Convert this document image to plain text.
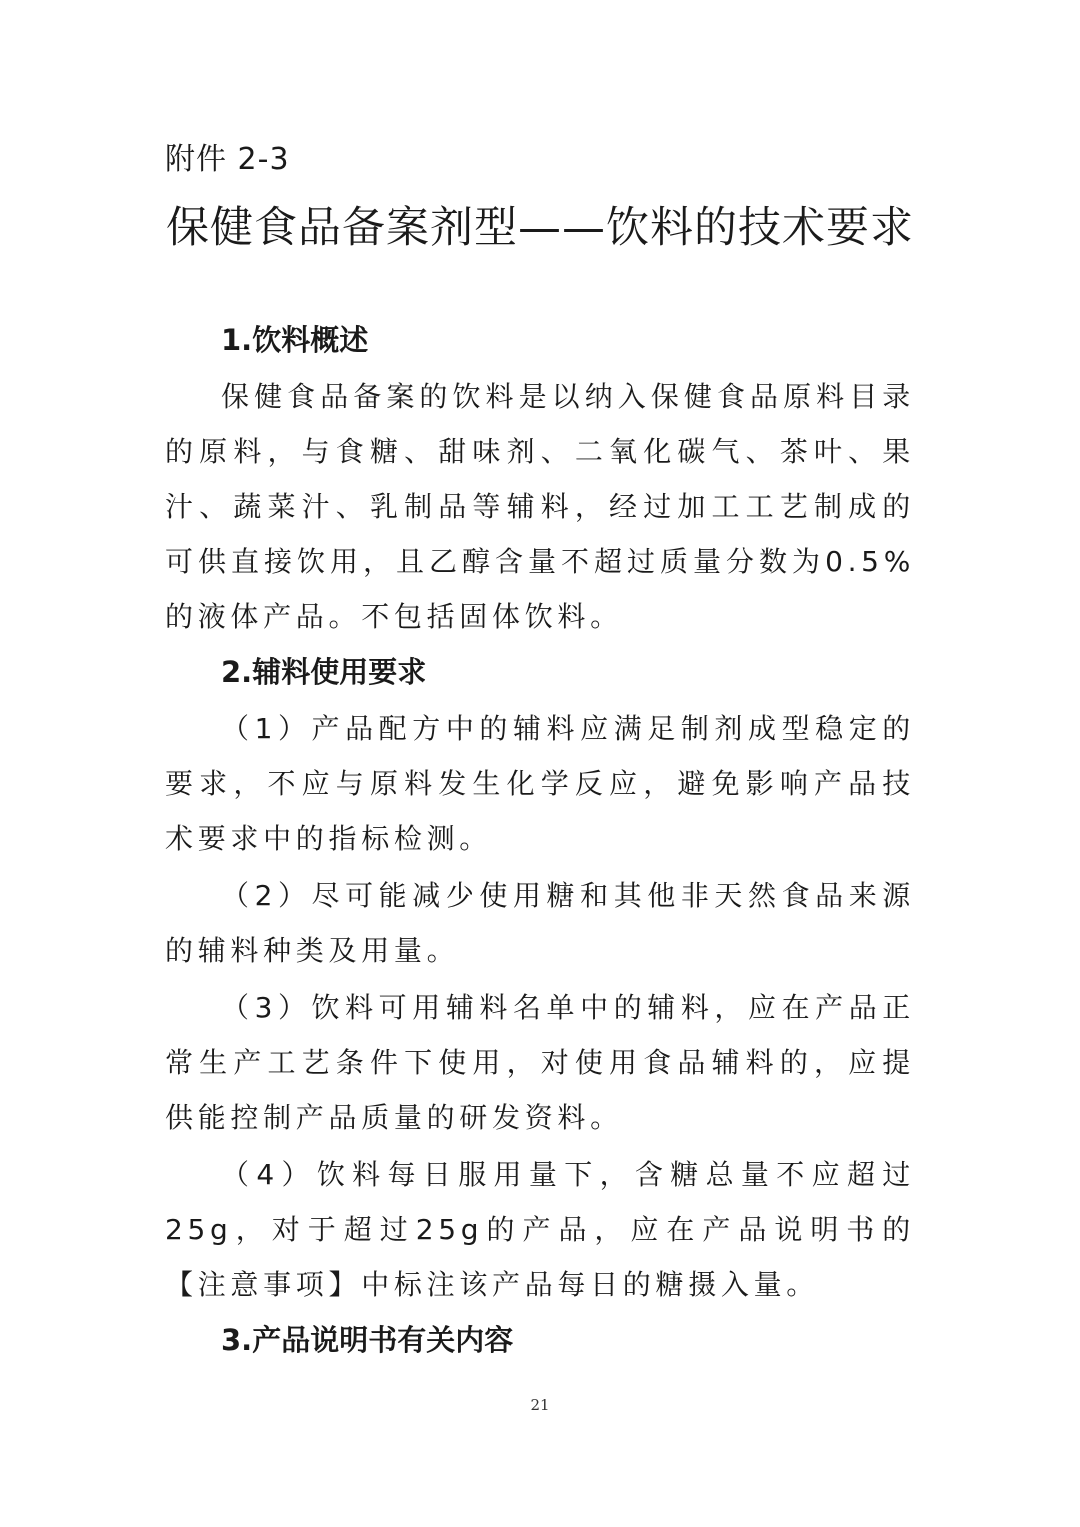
附件 2-3
保健食品备案剂型——饮料的技术要求

1.饮料概述

保健食品备案的饮料是以纳入保健食品原料目录的原料，与食糖、甜味剂、二氧化碳气、茶叶、果汁、蔬菜汁、乳制品等辅料，经过加工工艺制成的可供直接饮用，且乙醇含量不超过质量分数为0.5%的液体产品。不包括固体饮料。

2.辅料使用要求

（1）产品配方中的辅料应满足制剂成型稳定的要求，不应与原料发生化学反应，避免影响产品技术要求中的指标检测。

（2）尽可能减少使用糖和其他非天然食品来源的辅料种类及用量。

（3）饮料可用辅料名单中的辅料，应在产品正常生产工艺条件下使用，对使用食品辅料的，应提供能控制产品质量的研发资料。

（4）饮料每日服用量下，含糖总量不应超过25g，对于超过25g的产品，应在产品说明书的【注意事项】中标注该产品每日的糖摄入量。

3.产品说明书有关内容

21
